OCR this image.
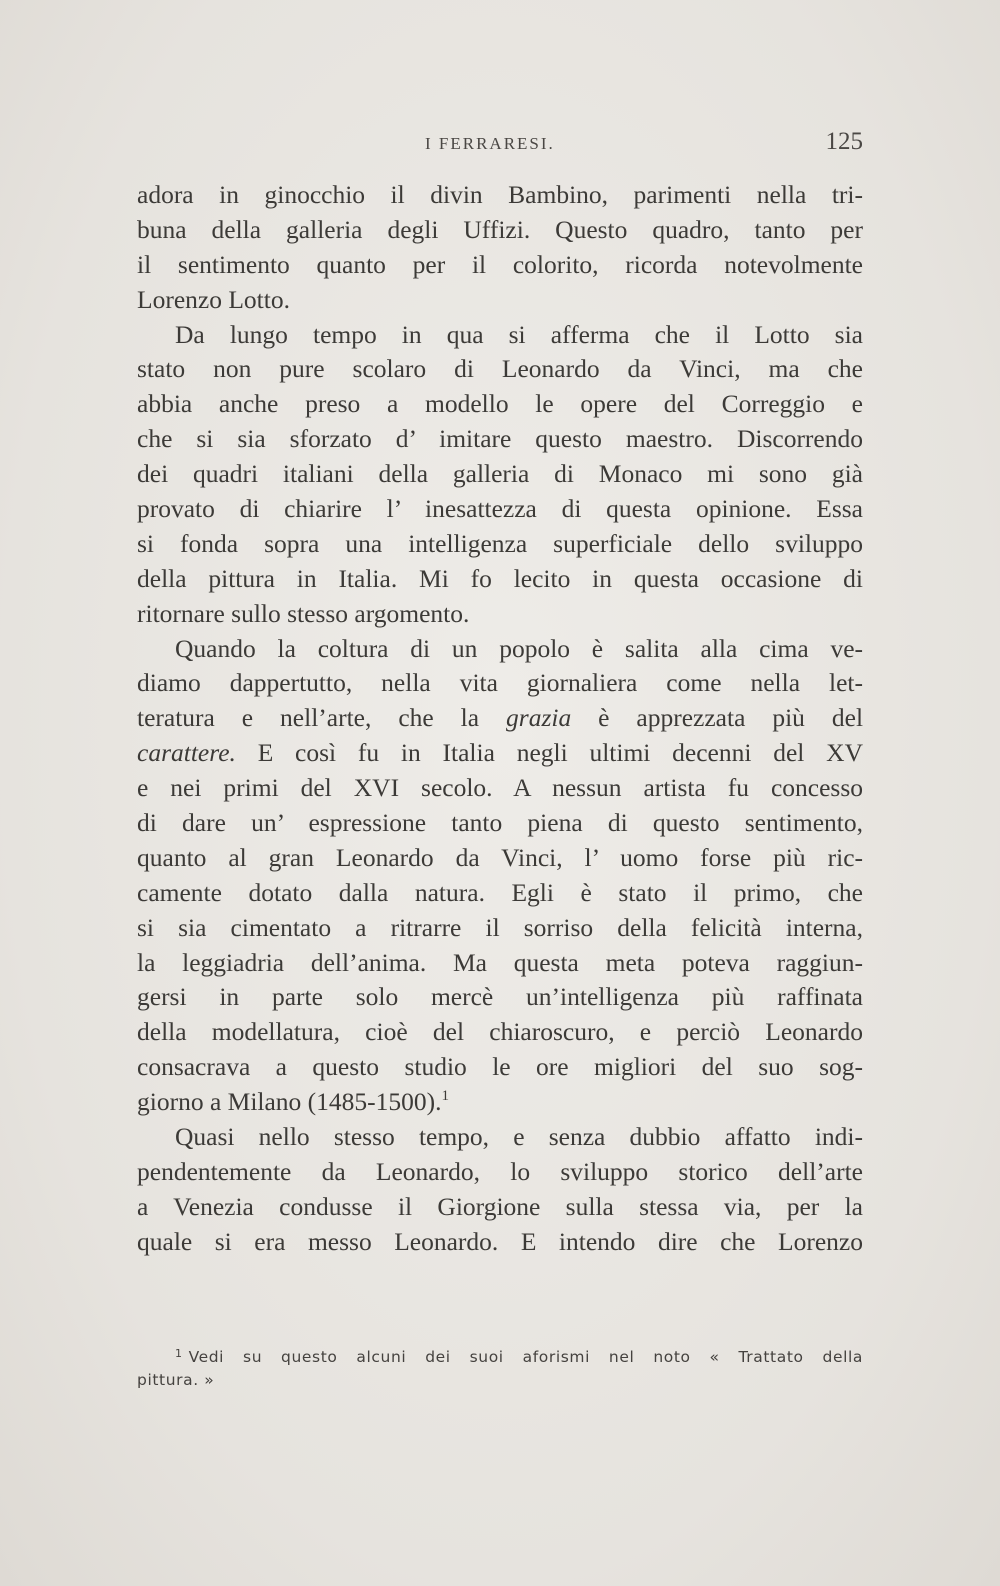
I FERRARESI.	125
adora in ginocchio il divin Bambino, parimenti nella tri-
buna della galleria degli Uffizi. Questo quadro, tanto per
il sentimento quanto per il colorito, ricorda notevolmente
Lorenzo Lotto.
Da lungo tempo in qua si afferma che il Lotto sia
stato non pure scolaro di Leonardo da Vinci, ma che
abbia anche preso a modello le opere del Correggio e
che si sia sforzato d’ imitare questo maestro. Discorrendo
dei quadri italiani della galleria di Monaco mi sono già
provato di chiarire l’ inesattezza di questa opinione. Essa
si fonda sopra una intelligenza superficiale dello sviluppo
della pittura in Italia. Mi fo lecito in questa occasione di
ritornare sullo stesso argomento.
Quando la coltura di un popolo è salita alla cima ve-
diamo dappertutto, nella vita giornaliera come nella let-
teratura e nell’arte, che la grazia è apprezzata più del
carattere. E così fu in Italia negli ultimi decenni del XV
e nei primi del XVI secolo. A nessun artista fu concesso
di dare un’ espressione tanto piena di questo sentimento,
quanto al gran Leonardo da Vinci, l’ uomo forse più ric-
camente dotato dalla natura. Egli è stato il primo, che
si sia cimentato a ritrarre il sorriso della felicità interna,
la leggiadria dell’anima. Ma questa meta poteva raggiun-
gersi in parte solo mercè un’intelligenza più raffinata
della modellatura, cioè del chiaroscuro, e perciò Leonardo
consacrava a questo studio le ore migliori del suo sog-
giorno a Milano (1485-1500).$^1$
Quasi nello stesso tempo, e senza dubbio affatto indi-
pendentemente da Leonardo, lo sviluppo storico dell’arte
a Venezia condusse il Giorgione sulla stessa via, per la
quale si era messo Leonardo. E intendo dire che Lorenzo
$^1$ Vedi su questo alcuni dei suoi aforismi nel noto « Trattato della
pittura. »
